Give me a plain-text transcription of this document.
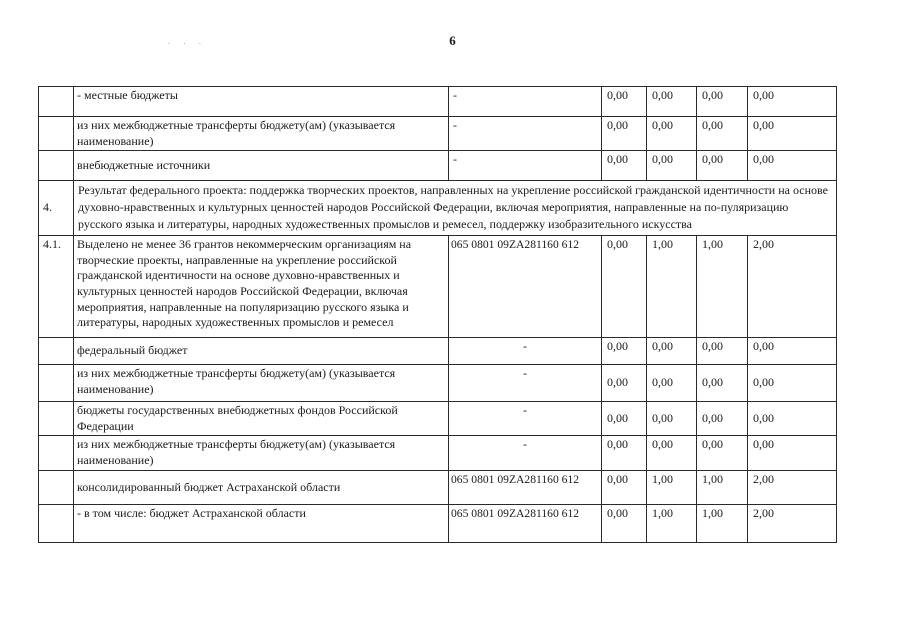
6
. . .
	- местные бюджеты	-	0,00	0,00	0,00	0,00
	из них межбюджетные трансферты бюджету(ам) (указывается наименование)	-	0,00	0,00	0,00	0,00
	внебюджетные источники	-	0,00	0,00	0,00	0,00
4.	Результат федерального проекта: поддержка творческих проектов, направленных на укрепление российской гражданской идентичности на основе духовно-нравственных и культурных ценностей народов Российской Федерации, включая мероприятия, направленные на по-пуляризацию русского языка и литературы, народных художественных промыслов и ремесел, поддержку изобразительного искусства					
4.1.	Выделено не менее 36 грантов некоммерческим организациям на творческие проекты, направленные на укрепление российской гражданской идентичности на основе духовно-нравственных и культурных ценностей народов Российской Федерации, включая мероприятия, направленные на популяризацию русского языка и литературы, народных художественных промыслов и ремесел	065 0801 09ZA281160 612	0,00	1,00	1,00	2,00
	федеральный бюджет	-	0,00	0,00	0,00	0,00
	из них межбюджетные трансферты бюджету(ам) (указывается наименование)	-	0,00	0,00	0,00	0,00
	бюджеты государственных внебюджетных фондов Российской Федерации	-	0,00	0,00	0,00	0,00
	из них межбюджетные трансферты бюджету(ам) (указывается наименование)	-	0,00	0,00	0,00	0,00
	консолидированный бюджет Астраханской области	065 0801 09ZA281160 612	0,00	1,00	1,00	2,00
	- в том числе: бюджет Астраханской области	065 0801 09ZA281160 612	0,00	1,00	1,00	2,00
